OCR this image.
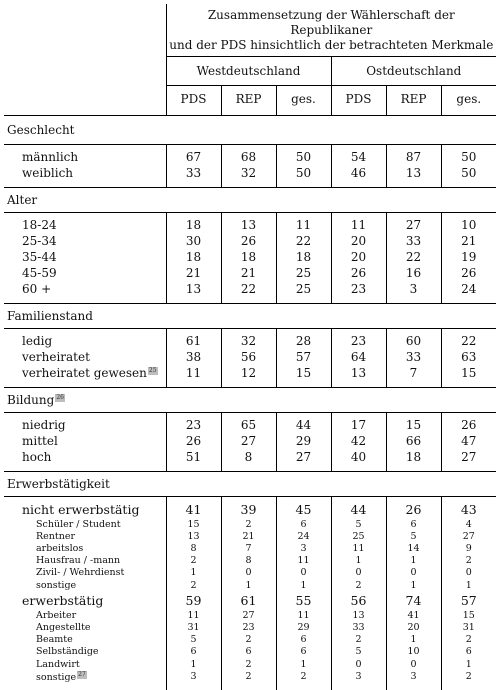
	Zusammensetzung der Wählerschaft der Republikaner
und der PDS hinsichtlich der betrachteten Merkmale					

	Westdeutschland			Ostdeutschland		
	PDS	REP	ges.	PDS	REP	ges.

Geschlecht						

männlich	67	68	50	54	87	50
weiblich	33	32	50	46	13	50

Alter						

18-24	18	13	11	11	27	10
25-34	30	26	22	20	33	21
35-44	18	18	18	20	22	19
45-59	21	21	25	26	16	26
60 +	13	22	25	23	3	24

Familienstand						

ledig	61	32	28	23	60	22
verheiratet	38	56	57	64	33	63
verheiratet gewesen 25	11	12	15	13	7	15

Bildung 26						

niedrig	23	65	44	17	15	26
mittel	26	27	29	42	66	47
hoch	51	8	27	40	18	27

Erwerbstätigkeit						

nicht erwerbstätig	41	39	45	44	26	43
Schüler / Student	15	2	6	5	6	4
Rentner	13	21	24	25	5	27
arbeitslos	8	7	3	11	14	9
Hausfrau / -mann	2	8	11	1	1	2
Zivil- / Wehrdienst	1	0	0	0	0	0
sonstige	2	1	1	2	1	1
erwerbstätig	59	61	55	56	74	57
Arbeiter	11	27	11	13	41	15
Angestellte	31	23	29	33	20	31
Beamte	5	2	6	2	1	2
Selbständige	6	6	6	5	10	6
Landwirt	1	2	1	0	0	1
sonstige 27	3	2	2	3	3	2
